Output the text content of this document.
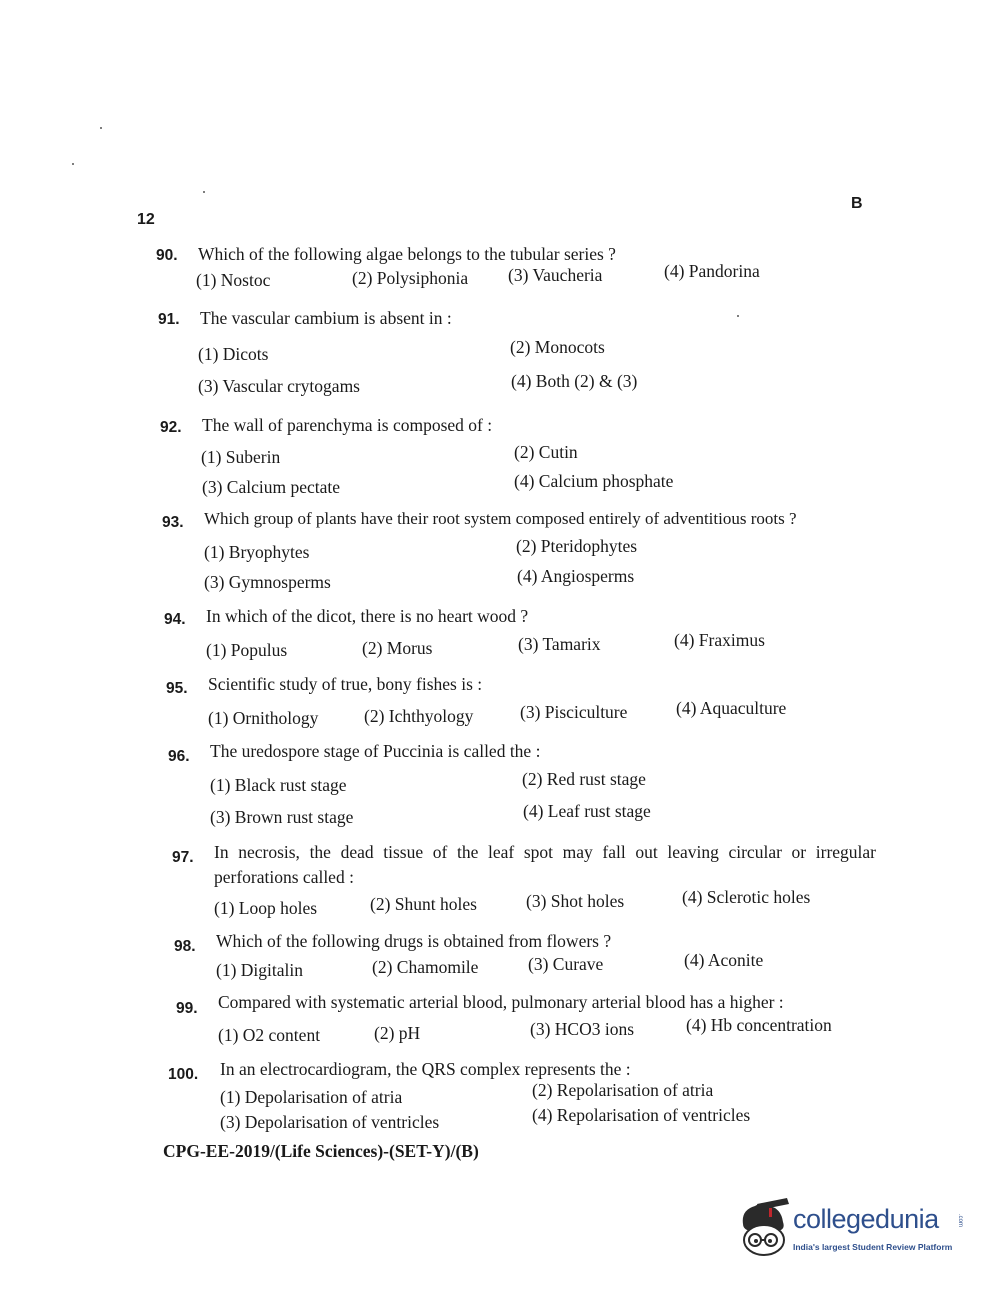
12
B
90. Which of the following algae belongs to the tubular series ?
(1) Nostoc	(2) Polysiphonia (3) Vaucheria	(4) Pandorina
91. The vascular cambium is absent in :
(1) Dicots	(2) Monocots
(3) Vascular crytogams	(4) Both (2) & (3)
92. The wall of parenchyma is composed of :
(1) Suberin	(2) Cutin
(3) Calcium pectate	(4) Calcium phosphate
93. Which group of plants have their root system composed entirely of adventitious roots ?
(1) Bryophytes	(2) Pteridophytes
(3) Gymnosperms	(4) Angiosperms
94. In which of the dicot, there is no heart wood ?
(1) Populus	(2) Morus	(3) Tamarix	(4) Fraximus
95. Scientific study of true, bony fishes is :
(1) Ornithology	(2) Ichthyology	(3) Pisciculture	(4) Aquaculture
96. The uredospore stage of Puccinia is called the :
(1) Black rust stage	(2) Red rust stage
(3) Brown rust stage	(4) Leaf rust stage
97. In necrosis, the dead tissue of the leaf spot may fall out leaving circular or irregular perforations called :
(1) Loop holes	(2) Shunt holes	(3) Shot holes	(4) Sclerotic holes
98. Which of the following drugs is obtained from flowers ?
(1) Digitalin	(2) Chamomile	(3) Curave	(4) Aconite
99. Compared with systematic arterial blood, pulmonary arterial blood has a higher :
(1) O2 content	(2) pH	(3) HCO3 ions	(4) Hb concentration
100. In an electrocardiogram, the QRS complex represents the :
(1) Depolarisation of atria	(2) Repolarisation of atria
(3) Depolarisation of ventricles	(4) Repolarisation of ventricles
CPG-EE-2019/(Life Sciences)-(SET-Y)/(B)
collegedunia	.com
India's largest Student Review Platform
